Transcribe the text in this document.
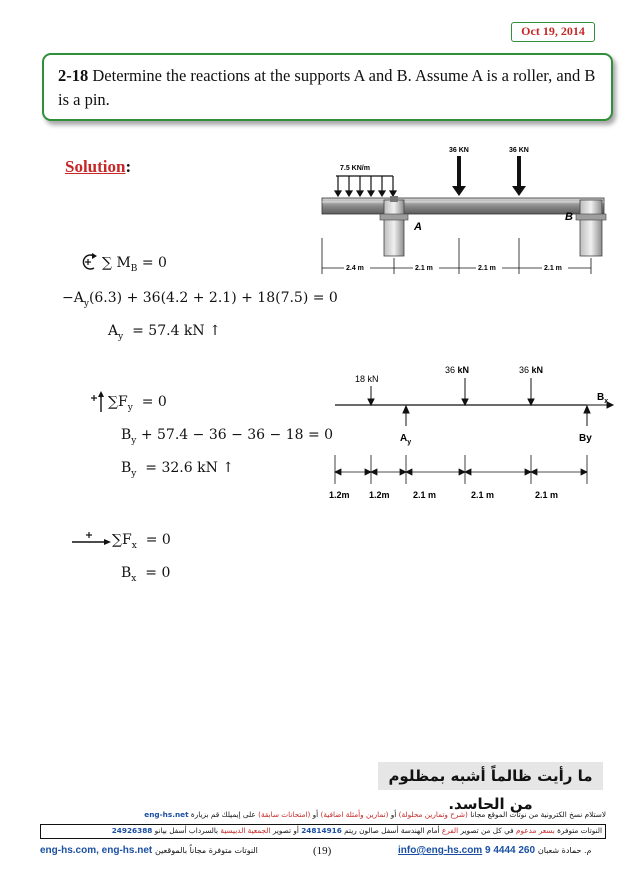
Oct 19, 2014
2-18 Determine the reactions at the supports A and B. Assume A is a roller, and B is a pin.
Solution:	7.5 KN/m
36 KN	36 KN
A
B
2.4 m	2.1 m	2.1 m	2.1 m
∑ $M_B = 0$
$-A_y(6.3) + 36(4.2 + 2.1) + 18(7.5) = 0$
$A_y = 57.4$ kN ↑
18 kN
36 kN	36 kN
$B_x$
$A_y$	By
1.2m 1.2m	2.1 m	2.1 m	2.1 m
$\sum F_y = 0$
$B_y + 57.4 - 36 - 36 - 18 = 0$
$B_y = 32.6$ kN ↑
$\sum F_x = 0$
$B_x = 0$
ما رأيت ظالماً أشبه بمظلوم من الحاسد.
لاستلام نسخ الكترونية من نوتات الموقع مجانا (شرح وتمارين محلولة) أو (تمارين وأمثلة اضافية) أو (امتحانات سابقة) على إيميلك قم بزيارة eng-hs.net
النوتات متوفرة بسعر مدعوم في كل من تصوير الفرع أمام الهندسة أسفل صالون ريتم 24814916 أو تصوير الجمعية الدبيسية بالسرداب أسفل بيانو 24926388
eng-hs.com, eng-hs.net النوتات متوفرة مجاناً بالموقعين	(19)	info@eng-hs.com 9 4444 260 م. حمادة شعبان
